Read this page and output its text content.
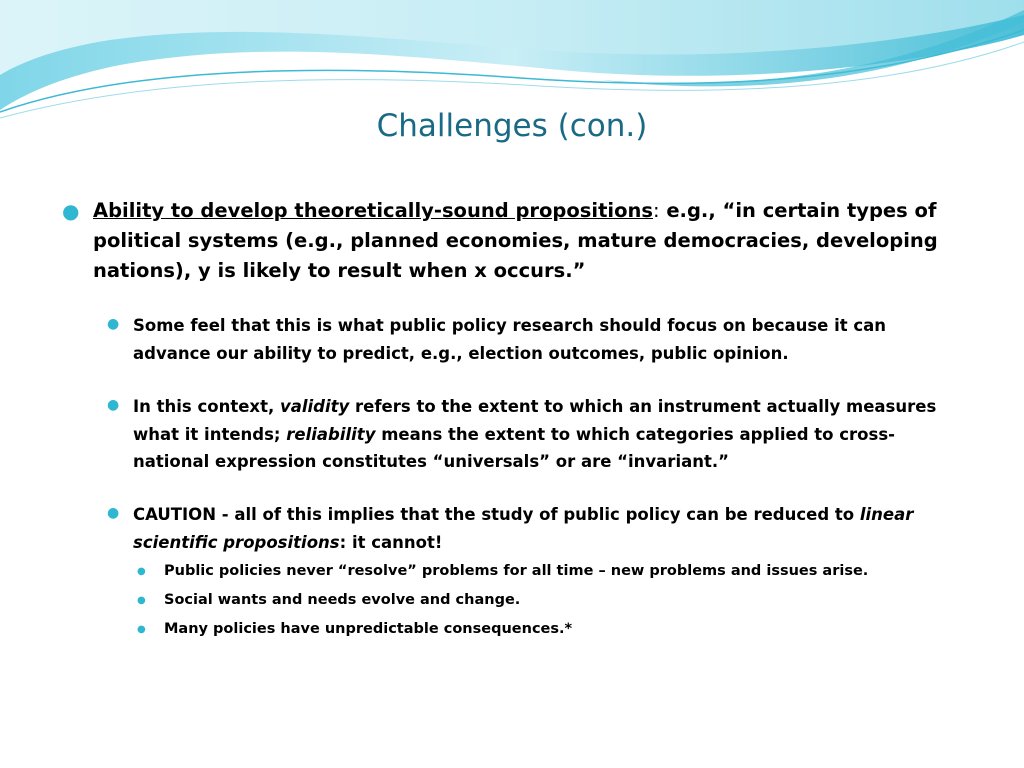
Challenges (con.)
● Ability to develop theoretically-sound propositions: e.g., “in certain types of political systems (e.g., planned economies, mature democracies, developing nations), y is likely to result when x occurs.”
● Some feel that this is what public policy research should focus on because it can advance our ability to predict, e.g., election outcomes, public opinion.
● In this context, validity refers to the extent to which an instrument actually measures what it intends; reliability means the extent to which categories applied to cross-national expression constitutes “universals” or are “invariant.”
● CAUTION - all of this implies that the study of public policy can be reduced to linear scientific propositions: it cannot!
● Public policies never “resolve” problems for all time – new problems and issues arise.
● Social wants and needs evolve and change.
● Many policies have unpredictable consequences.*
